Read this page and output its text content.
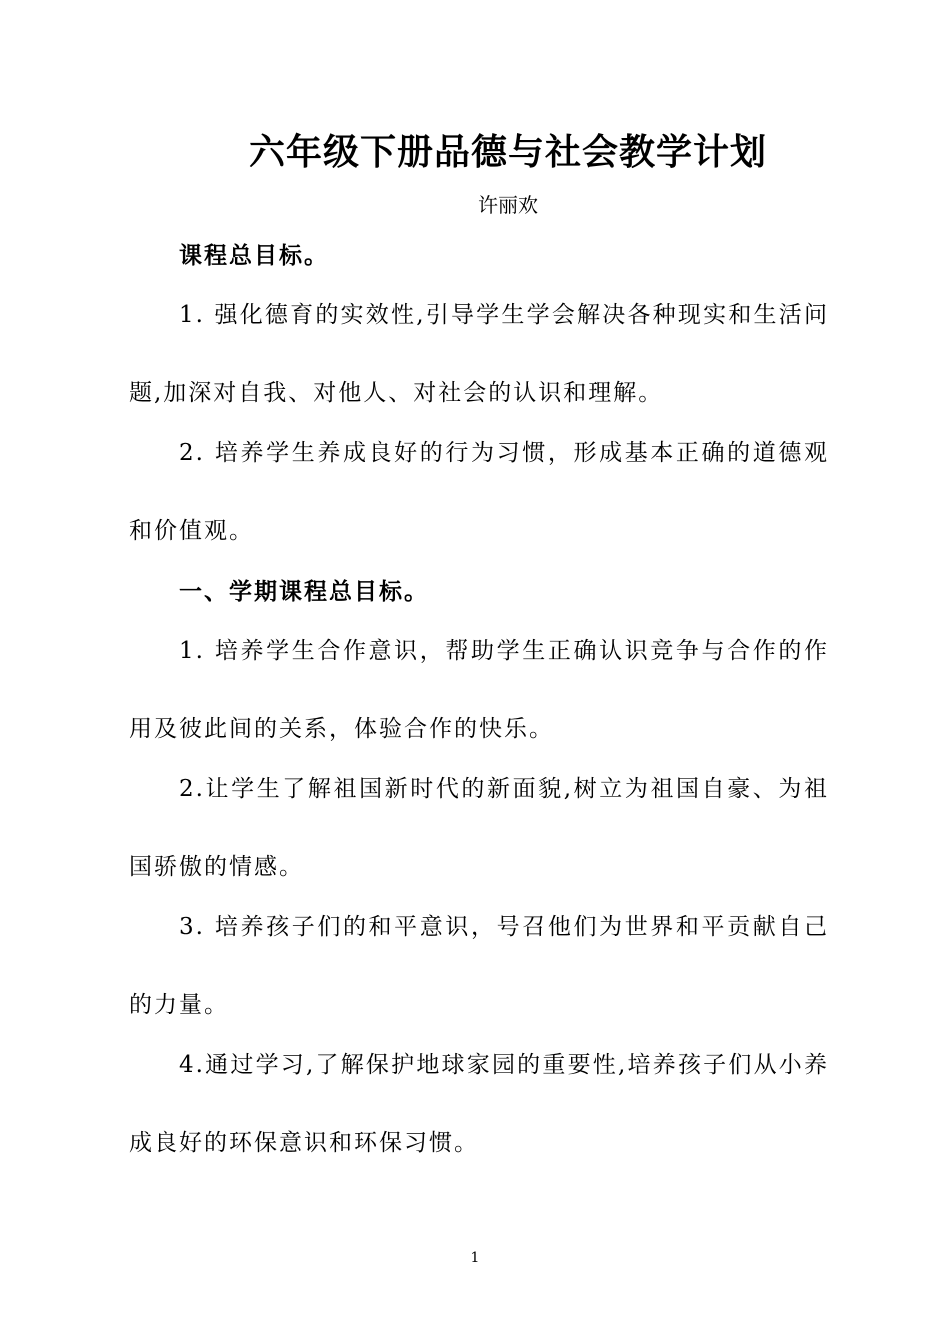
六年级下册品德与社会教学计划
许丽欢
课程总目标。
1. 强化德育的实效性,引导学生学会解决各种现实和生活问题,加深对自我、对他人、对社会的认识和理解。
2. 培养学生养成良好的行为习惯，形成基本正确的道德观和价值观。
一、学期课程总目标。
1. 培养学生合作意识，帮助学生正确认识竞争与合作的作用及彼此间的关系，体验合作的快乐。
2.让学生了解祖国新时代的新面貌,树立为祖国自豪、为祖国骄傲的情感。
3. 培养孩子们的和平意识，号召他们为世界和平贡献自己的力量。
4.通过学习,了解保护地球家园的重要性,培养孩子们从小养成良好的环保意识和环保习惯。
1
